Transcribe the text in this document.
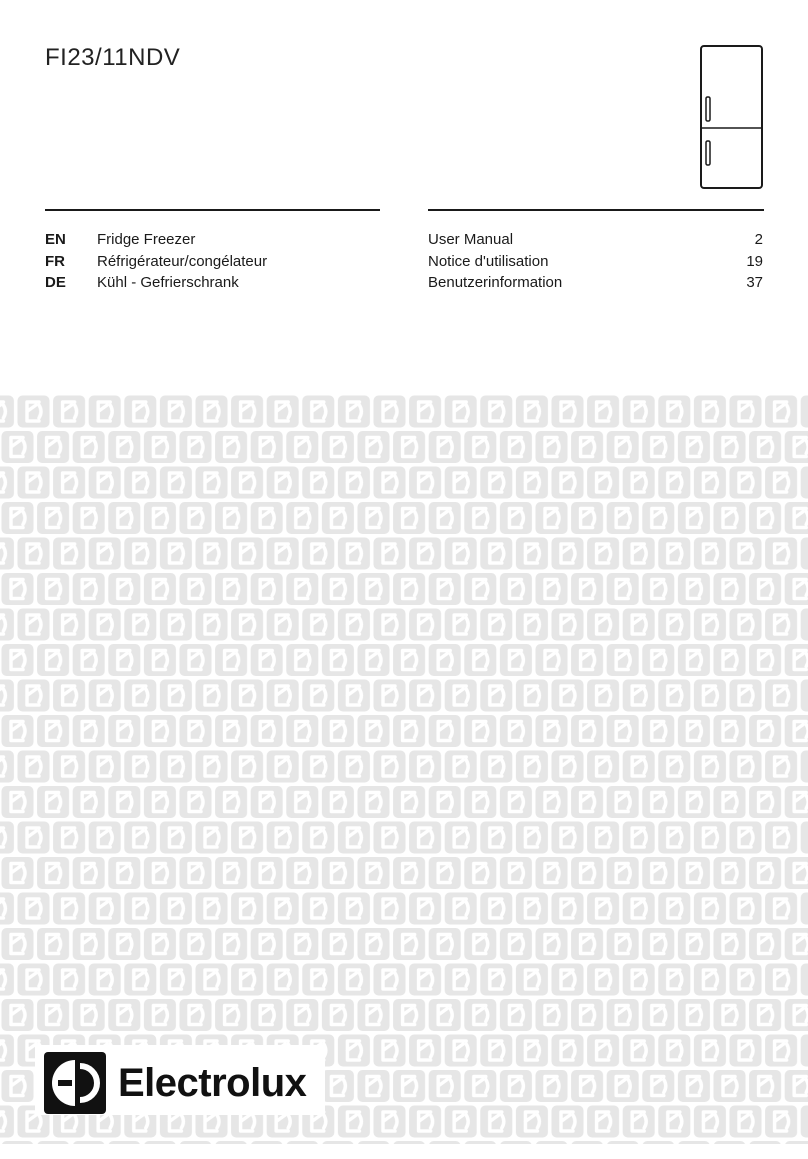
FI23/11NDV
EN Fridge Freezer	User Manual	2
FR Réfrigérateur/congélateur	Notice d'utilisation	19
DE Kühl - Gefrierschrank	Benutzerinformation	37
Electrolux
